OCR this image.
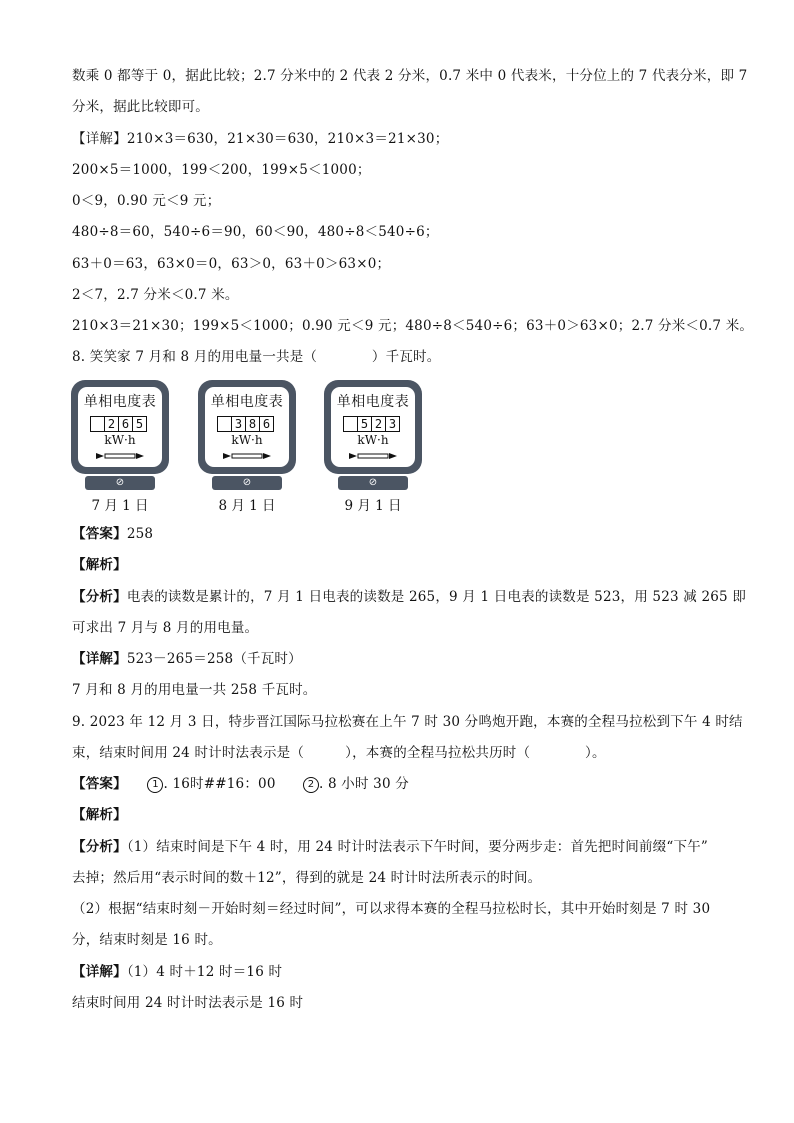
数乘 0 都等于 0，据此比较；2.7 分米中的 2 代表 2 分米，0.7 米中 0 代表米，十分位上的 7 代表分米，即 7
分米，据此比较即可。
【详解】210×3＝630，21×30＝630，210×3＝21×30；
200×5＝1000，199＜200，199×5＜1000；
0＜9，0.90 元＜9 元；
480÷8＝60，540÷6＝90，60＜90，480÷8＜540÷6；
63＋0＝63，63×0＝0，63＞0，63＋0＞63×0；
2＜7，2.7 分米＜0.7 米。
210×3＝21×30；199×5＜1000；0.90 元＜9 元；480÷8＜540÷6；63＋0＞63×0；2.7 分米＜0.7 米。
8. 笑笑家 7 月和 8 月的用电量一共是（　　　　）千瓦时。
单相电度表
2 6 5
kW·h
⊘
7 月 1 日
单相电度表
3 8 6
kW·h
⊘
8 月 1 日
单相电度表
5 2 3
kW·h
⊘
9 月 1 日
【答案】258
【解析】
【分析】电表的读数是累计的，7 月 1 日电表的读数是 265，9 月 1 日电表的读数是 523，用 523 减 265 即
可求出 7 月与 8 月的用电量。
【详解】523－265＝258（千瓦时）
7 月和 8 月的用电量一共 258 千瓦时。
9. 2023 年 12 月 3 日，特步晋江国际马拉松赛在上午 7 时 30 分鸣炮开跑，本赛的全程马拉松到下午 4 时结
束，结束时间用 24 时计时法表示是（　　　），本赛的全程马拉松共历时（　　　　）。
【答案】　　	1 . 16时##16：00　　	2 . 8 小时 30 分
【解析】
【分析】（1）结束时间是下午 4 时，用 24 时计时法表示下午时间，要分两步走：首先把时间前缀“下午”
去掉；然后用“表示时间的数＋12”，得到的就是 24 时计时法所表示的时间。
（2）根据“结束时刻－开始时刻＝经过时间”，可以求得本赛的全程马拉松时长，其中开始时刻是 7 时 30
分，结束时刻是 16 时。
【详解】（1）4 时＋12 时＝16 时
结束时间用 24 时计时法表示是 16 时
